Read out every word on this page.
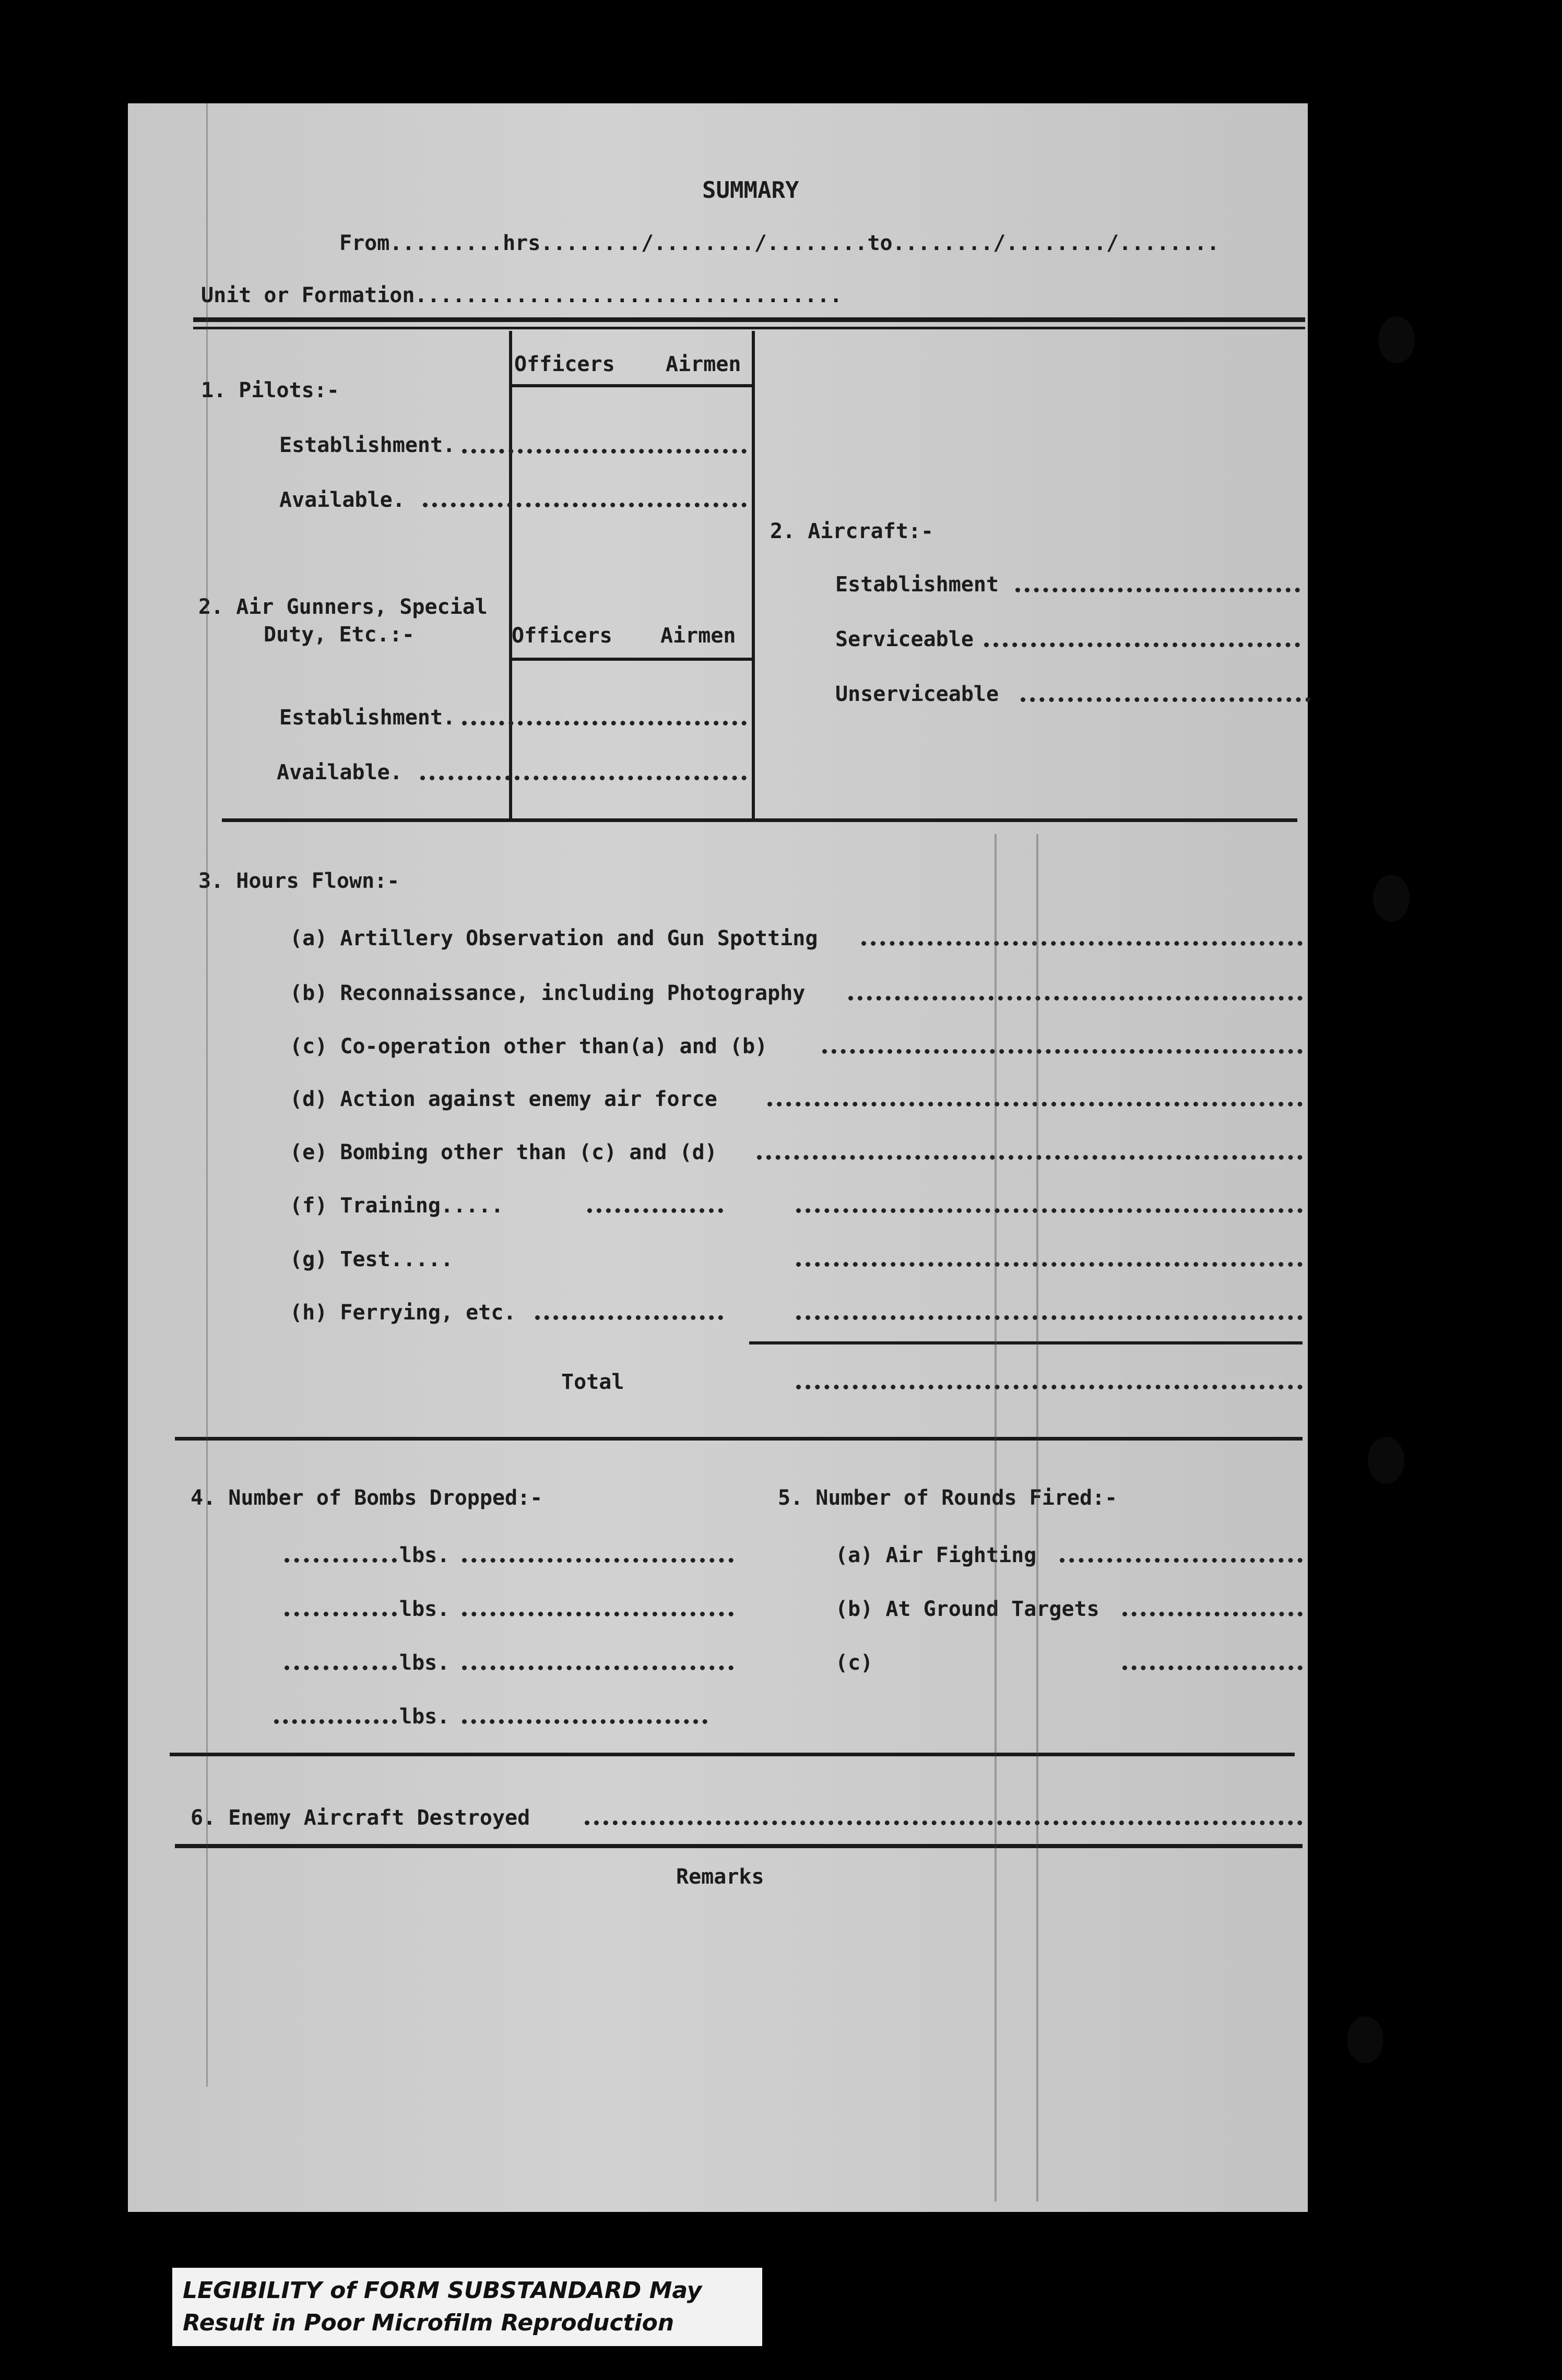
SUMMARY
From.........hrs......../......../........to......../......../........
Unit or Formation..................................
Officers Airmen
1. Pilots:-
Establishment.
Available.
2. Aircraft:-
Establishment
Serviceable
Unserviceable
2. Air Gunners, Special
Duty, Etc.:-	Officers Airmen
Establishment.
Available.
3. Hours Flown:-
(a) Artillery Observation and Gun Spotting
(b) Reconnaissance, including Photography
(c) Co-operation other than(a) and (b)
(d) Action against enemy air force
(e) Bombing other than (c) and (d)
(f) Training.....
(g) Test.....
(h) Ferrying, etc.
Total
4. Number of Bombs Dropped:-	5. Number of Rounds Fired:-
lbs.
lbs.
lbs.
lbs.
(a) Air Fighting
(b) At Ground Targets
(c)
6. Enemy Aircraft Destroyed
Remarks
LEGIBILITY of FORM SUBSTANDARD May
Result in Poor Microfilm Reproduction
